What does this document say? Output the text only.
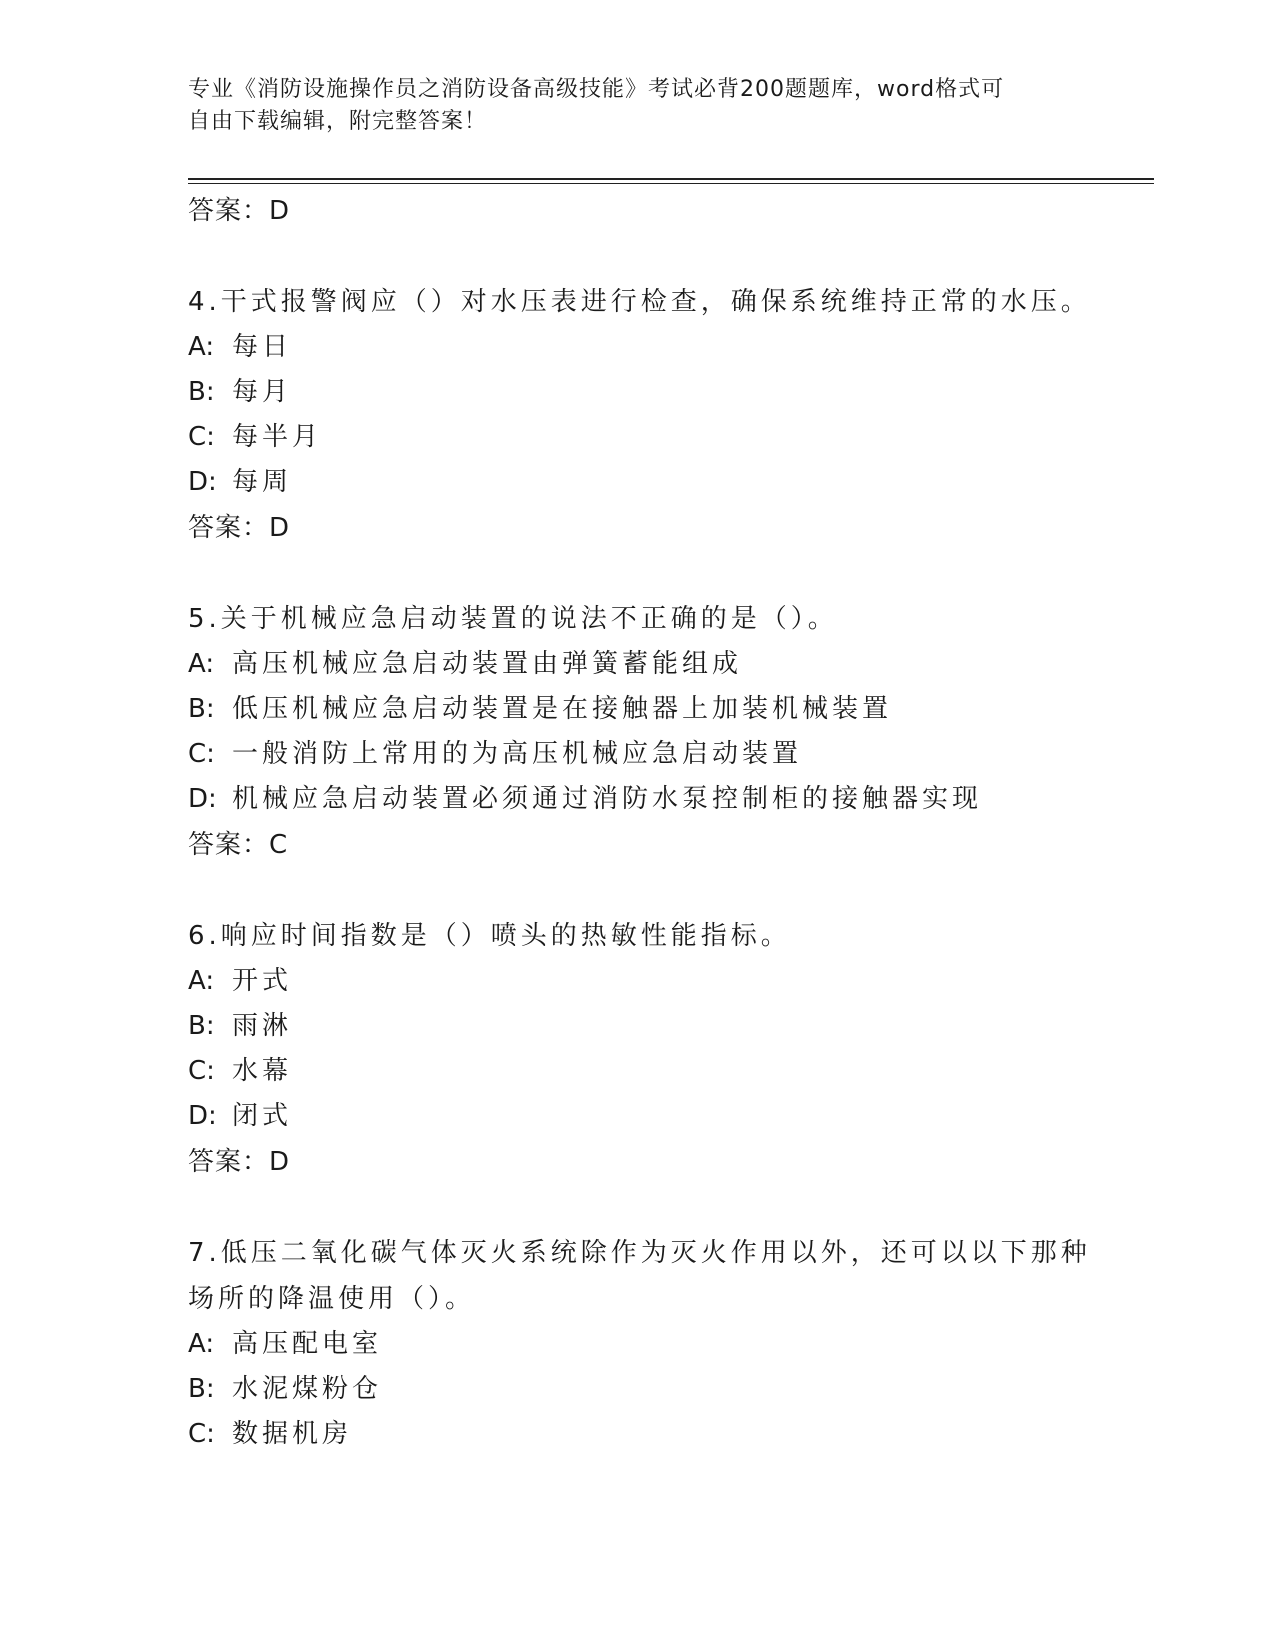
专业《消防设施操作员之消防设备高级技能》考试必背200题题库，word格式可
自由下载编辑，附完整答案！
答案：D
4.干式报警阀应（）对水压表进行检查，确保系统维持正常的水压。
A: 每日
B: 每月
C: 每半月
D: 每周
答案：D
5.关于机械应急启动装置的说法不正确的是（）。
A: 高压机械应急启动装置由弹簧蓄能组成
B: 低压机械应急启动装置是在接触器上加装机械装置
C: 一般消防上常用的为高压机械应急启动装置
D: 机械应急启动装置必须通过消防水泵控制柜的接触器实现
答案：C
6.响应时间指数是（）喷头的热敏性能指标。
A: 开式
B: 雨淋
C: 水幕
D: 闭式
答案：D
7.低压二氧化碳气体灭火系统除作为灭火作用以外，还可以以下那种
场所的降温使用（）。
A: 高压配电室
B: 水泥煤粉仓
C: 数据机房
